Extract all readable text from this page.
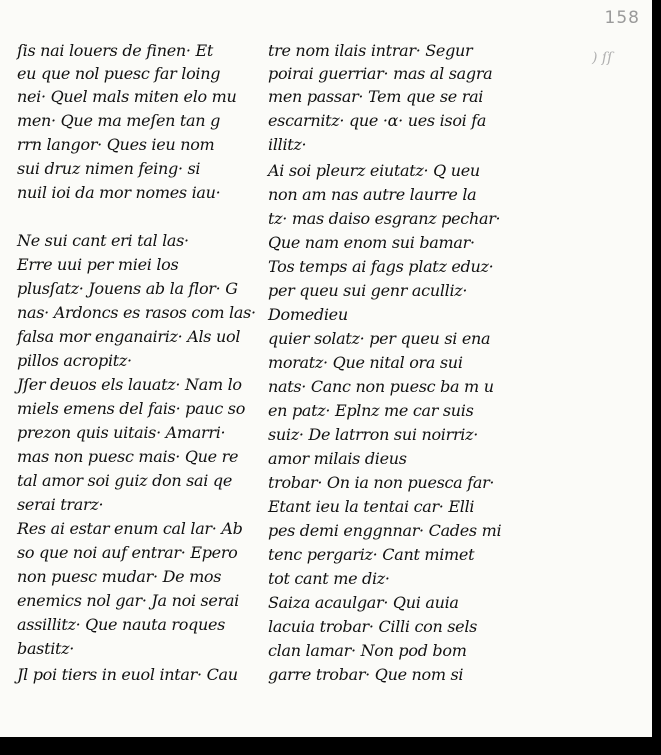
158
) ſſ
ſis nai louers de finen· Et
eu que nol puesc far loing
nei· Quel mals miten elo mu
men· Que ma meſen tan g
rrn langor· Ques ieu nom
sui druz nimen feing· si
nuil ioi da mor nomes iau·
Ne sui cant eri tal las·
Erre uui per miei los
plusſatz· Jouens ab la flor· G
nas· Ardoncs es rasos com las·
falsa mor enganairiz· Als uol
pillos acropitz·
Jſer deuos els lauatz· Nam lo
miels emens del fais· pauc so
prezon quis uitais· Amarri·
mas non puesc mais· Que re
tal amor soi guiz don sai qe
serai trarz·
Res ai estar enum cal lar· Ab
so que noi auf entrar· Epero
non puesc mudar· De mos
enemics nol gar· Ja noi serai
assillitz· Que nauta roques
bastitz·
Jl poi tiers in euol intar· Cau
tre nom ilais intrar· Segur
poirai guerriar· mas al sagra
men passar· Tem que se rai
escarnitz· que ·ɑ· ues isoi fa
illitz·
Ai soi pleurz eiutatz· Q ueu
non am nas autre laurre la
tz· mas daiso esgranz pechar·
Que nam enom sui bamar·
Tos temps ai fags platz eduz·
per queu sui genr aculliz·
Domedieu
quier solatz· per queu si ena
moratz· Que nital ora sui
nats· Canc non puesc ba m u
en patz· Eplnz me car suis
suiz· De latrron sui noirriz·
amor milais dieus
trobar· On ia non puesca far·
Etant ieu la tentai car· Elli
pes demi enggnnar· Cades mi
tenc pergariz· Cant mimet
tot cant me diz·
Saiza acaulgar· Qui auia
lacuia trobar· Cilli con sels
clan lamar· Non pod bom
garre trobar· Que nom si
